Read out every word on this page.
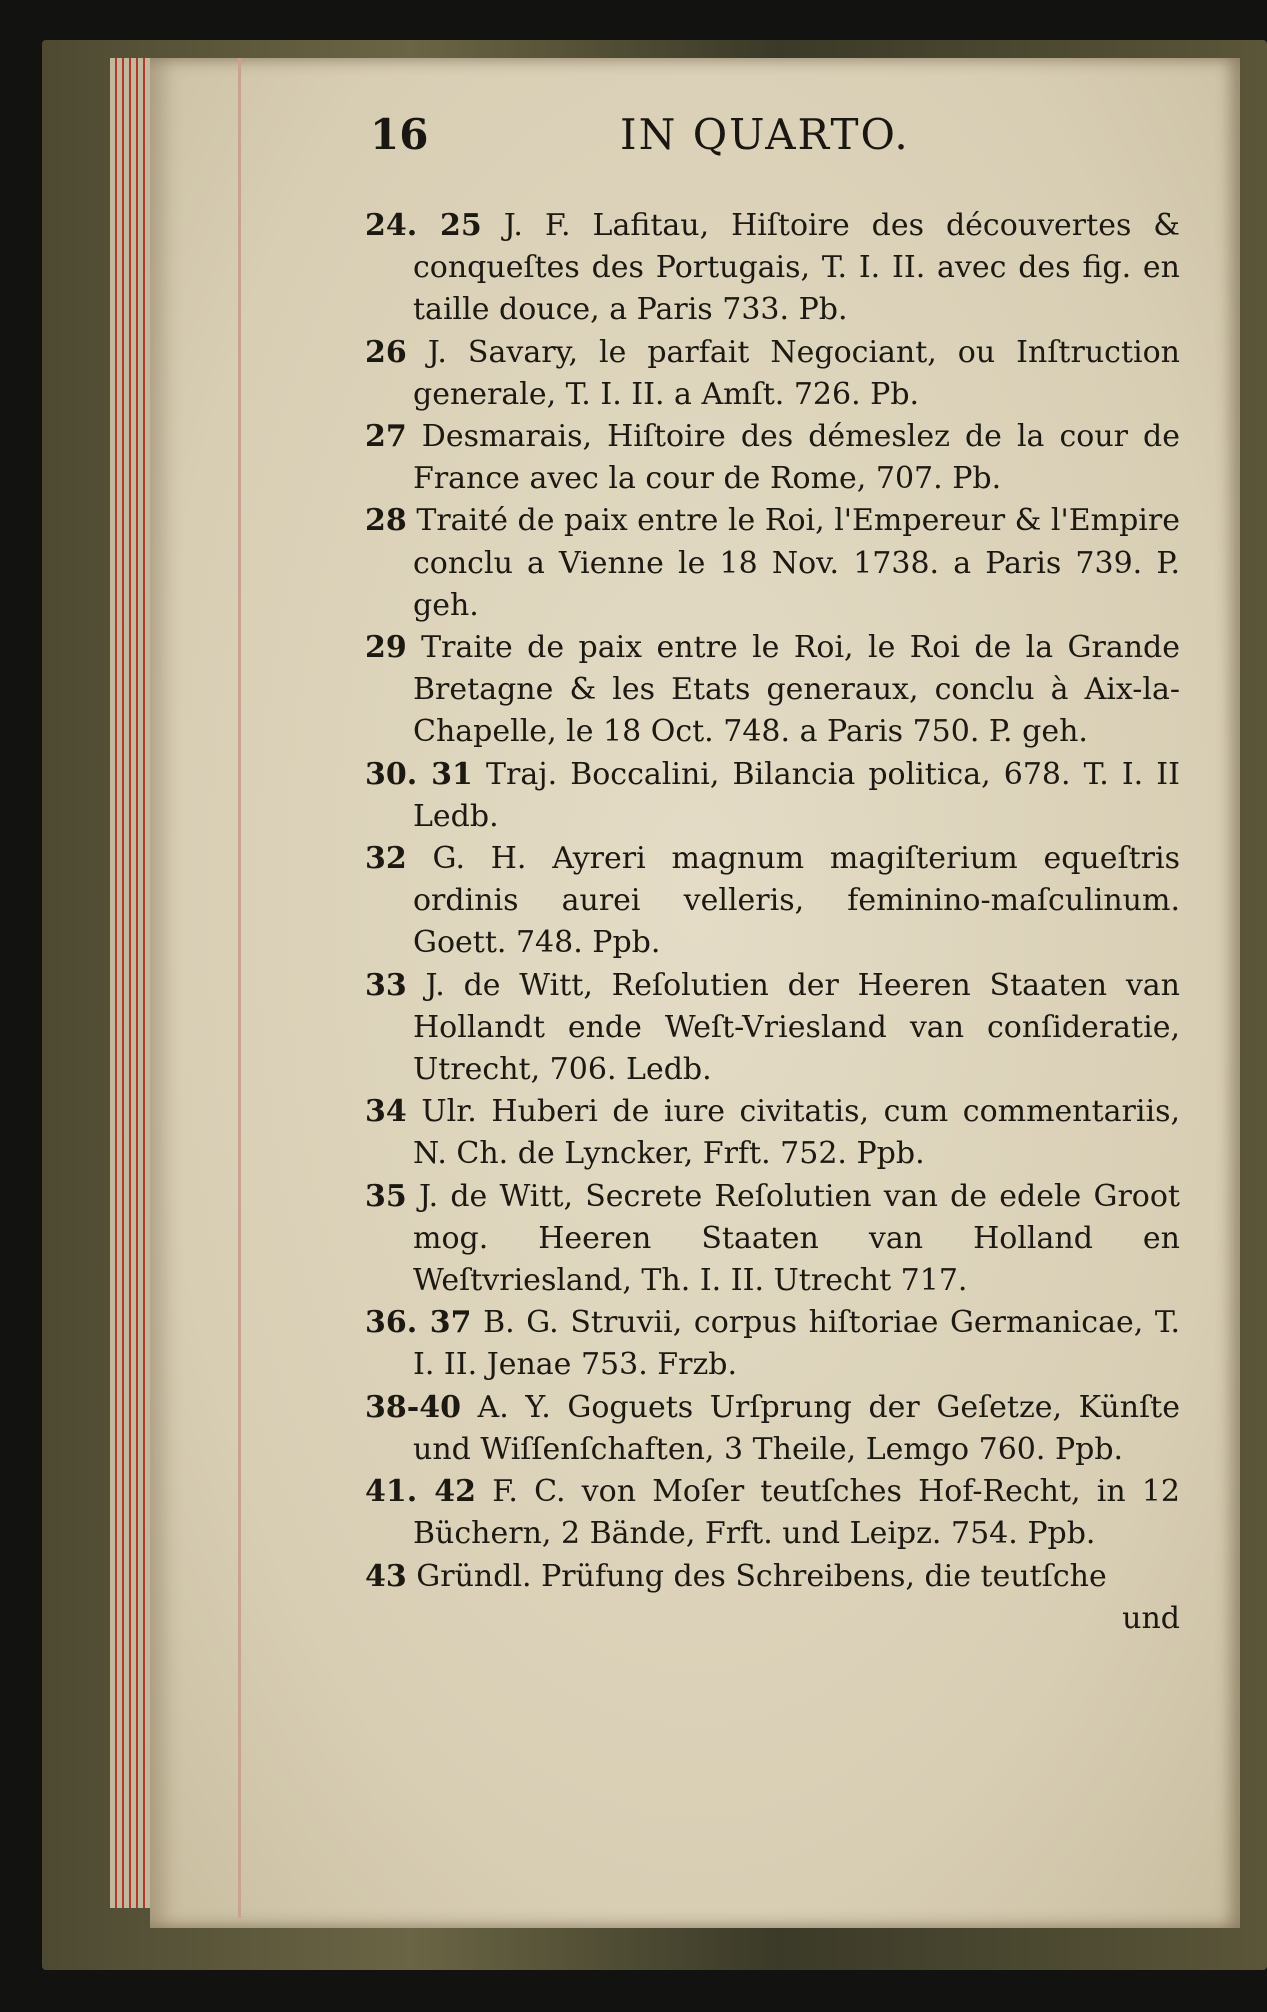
16	IN QUARTO.
24. 25 J. F. Lafitau, Hiſtoire des découvertes & conqueſtes des Portugais, T. I. II. avec des fig. en taille douce, a Paris 733. Pb.
26 J. Savary, le parfait Negociant, ou Inſtruction generale, T. I. II. a Amſt. 726. Pb.
27 Desmarais, Hiſtoire des démeslez de la cour de France avec la cour de Rome, 707. Pb.
28 Traité de paix entre le Roi, l'Empereur & l'Empire conclu a Vienne le 18 Nov. 1738. a Paris 739. P. geh.
29 Traite de paix entre le Roi, le Roi de la Grande Bretagne & les Etats generaux, conclu à Aix-la-Chapelle, le 18 Oct. 748. a Paris 750. P. geh.
30. 31 Traj. Boccalini, Bilancia politica, 678. T. I. II Ledb.
32 G. H. Ayreri magnum magiſterium equeſtris ordinis aurei velleris, feminino-maſculinum. Goett. 748. Ppb.
33 J. de Witt, Reſolutien der Heeren Staaten van Hollandt ende Weſt-Vriesland van conſideratie, Utrecht, 706. Ledb.
34 Ulr. Huberi de iure civitatis, cum commentariis, N. Ch. de Lyncker, Frft. 752. Ppb.
35 J. de Witt, Secrete Reſolutien van de edele Groot mog. Heeren Staaten van Holland en Weſtvriesland, Th. I. II. Utrecht 717.
36. 37 B. G. Struvii, corpus hiſtoriae Germanicae, T. I. II. Jenae 753. Frzb.
38-40 A. Y. Goguets Urſprung der Geſetze, Künſte und Wiſſenſchaften, 3 Theile, Lemgo 760. Ppb.
41. 42 F. C. von Moſer teutſches Hof-Recht, in 12 Büchern, 2 Bände, Frft. und Leipz. 754. Ppb.
43 Gründl. Prüfung des Schreibens, die teutſche
und
